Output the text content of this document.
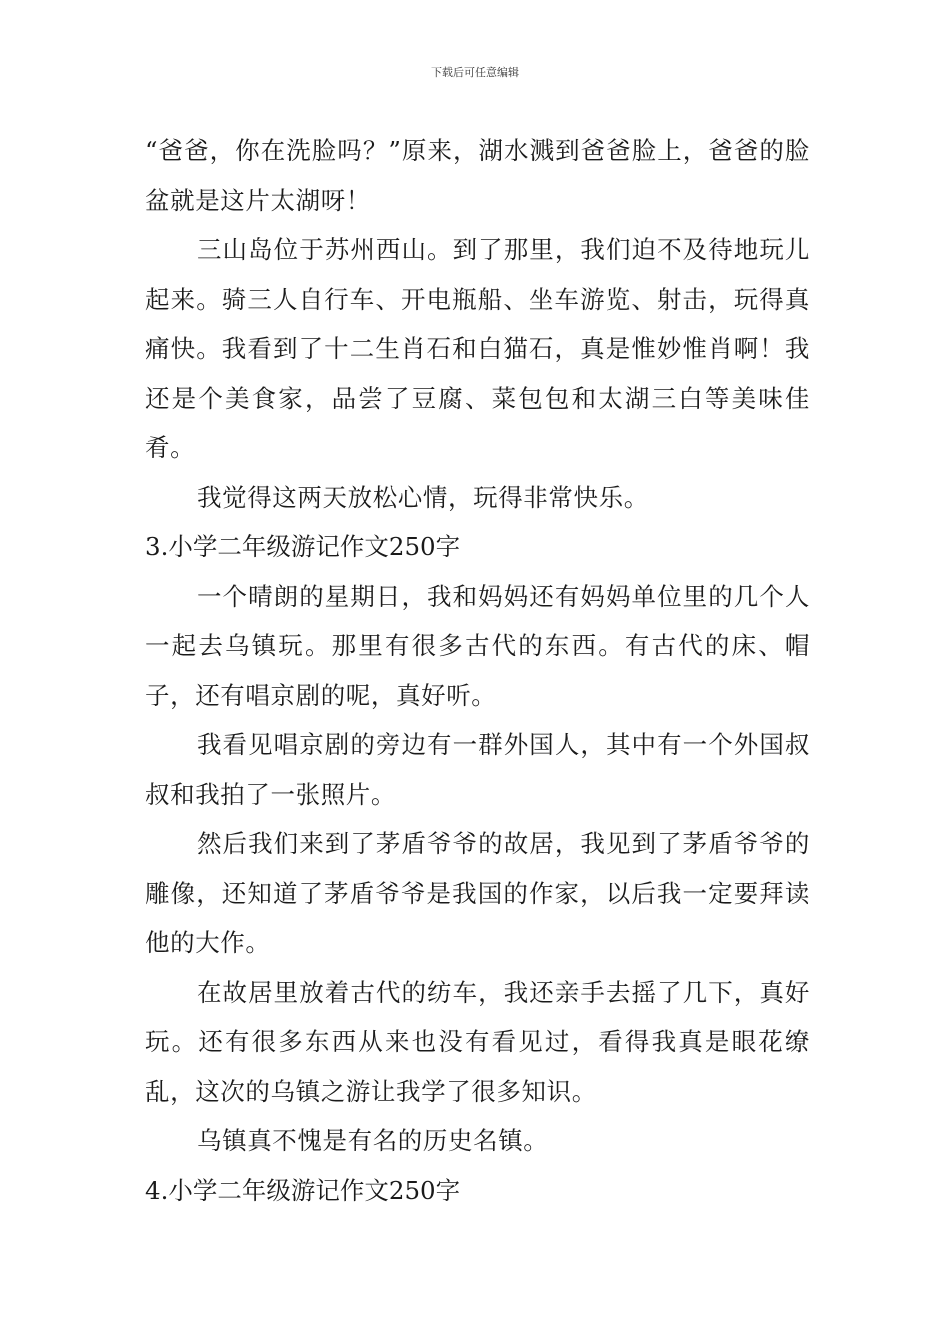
下载后可任意编辑

“爸爸，你在洗脸吗？”原来，湖水溅到爸爸脸上，爸爸的脸盆就是这片太湖呀！

三山岛位于苏州西山。到了那里，我们迫不及待地玩儿起来。骑三人自行车、开电瓶船、坐车游览、射击，玩得真痛快。我看到了十二生肖石和白猫石，真是惟妙惟肖啊！我还是个美食家，品尝了豆腐、菜包包和太湖三白等美味佳肴。

我觉得这两天放松心情，玩得非常快乐。

3.小学二年级游记作文250字

一个晴朗的星期日，我和妈妈还有妈妈单位里的几个人一起去乌镇玩。那里有很多古代的东西。有古代的床、帽子，还有唱京剧的呢，真好听。

我看见唱京剧的旁边有一群外国人，其中有一个外国叔叔和我拍了一张照片。

然后我们来到了茅盾爷爷的故居，我见到了茅盾爷爷的雕像，还知道了茅盾爷爷是我国的作家，以后我一定要拜读他的大作。

在故居里放着古代的纺车，我还亲手去摇了几下，真好玩。还有很多东西从来也没有看见过，看得我真是眼花缭乱，这次的乌镇之游让我学了很多知识。

乌镇真不愧是有名的历史名镇。

4.小学二年级游记作文250字
